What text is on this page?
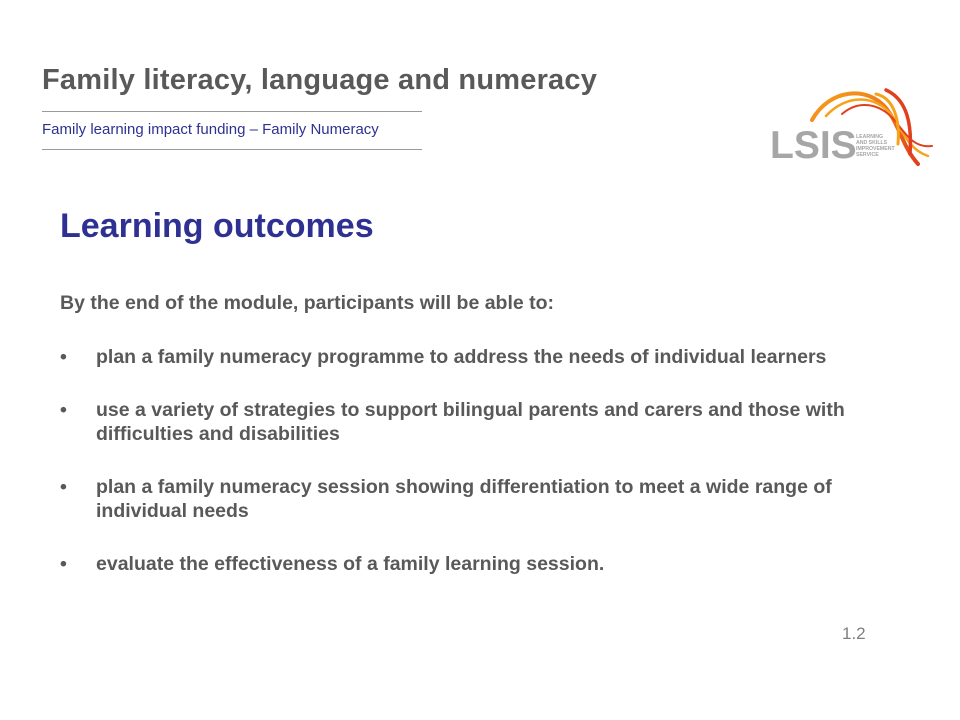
Family literacy, language and numeracy
Family learning impact funding – Family Numeracy	LSIS LEARNING
AND SKILLS
IMPROVEMENT
SERVICE
Learning outcomes
By the end of the module, participants will be able to:
• plan a family numeracy programme to address the needs of individual learners
• use a variety of strategies to support bilingual parents and carers and those with difficulties and disabilities
• plan a family numeracy session showing differentiation to meet a wide range of individual needs
• evaluate the effectiveness of a family learning session.
1.2
